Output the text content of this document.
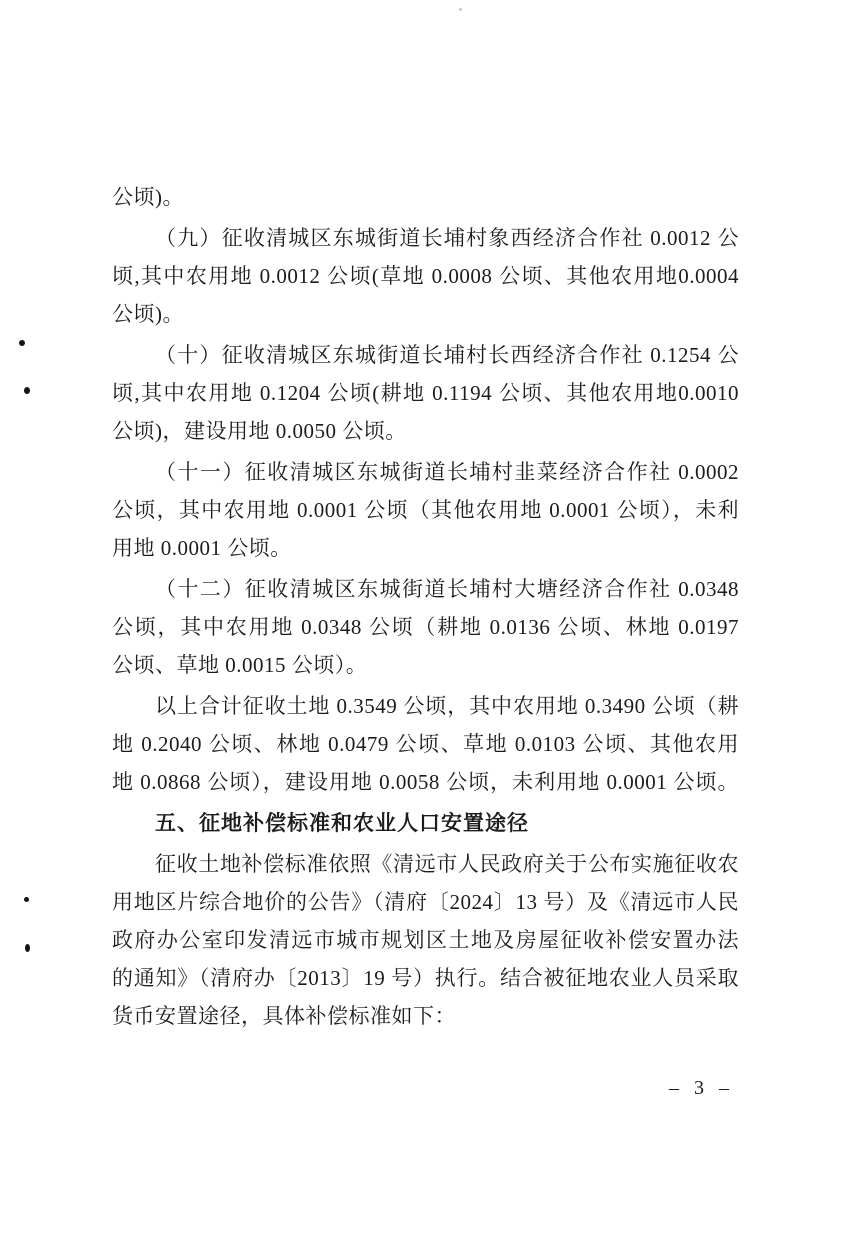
公顷)。
（九）征收清城区东城街道长埔村象西经济合作社 0.0012 公
顷,其中农用地 0.0012 公顷(草地 0.0008 公顷、其他农用地0.0004
公顷)。
（十）征收清城区东城街道长埔村长西经济合作社 0.1254 公
顷,其中农用地 0.1204 公顷(耕地 0.1194 公顷、其他农用地0.0010
公顷)，建设用地 0.0050 公顷。
（十一）征收清城区东城街道长埔村韭菜经济合作社 0.0002
公顷，其中农用地 0.0001 公顷（其他农用地 0.0001 公顷），未利
用地 0.0001 公顷。
（十二）征收清城区东城街道长埔村大塘经济合作社 0.0348
公顷，其中农用地 0.0348 公顷（耕地 0.0136 公顷、林地 0.0197
公顷、草地 0.0015 公顷）。
以上合计征收土地 0.3549 公顷，其中农用地 0.3490 公顷（耕
地 0.2040 公顷、林地 0.0479 公顷、草地 0.0103 公顷、其他农用
地 0.0868 公顷），建设用地 0.0058 公顷，未利用地 0.0001 公顷。
五、征地补偿标准和农业人口安置途径
征收土地补偿标准依照《清远市人民政府关于公布实施征收农
用地区片综合地价的公告》（清府〔2024〕13 号）及《清远市人民
政府办公室印发清远市城市规划区土地及房屋征收补偿安置办法
的通知》（清府办〔2013〕19 号）执行。结合被征地农业人员采取
货币安置途径，具体补偿标准如下：
– 3 –
